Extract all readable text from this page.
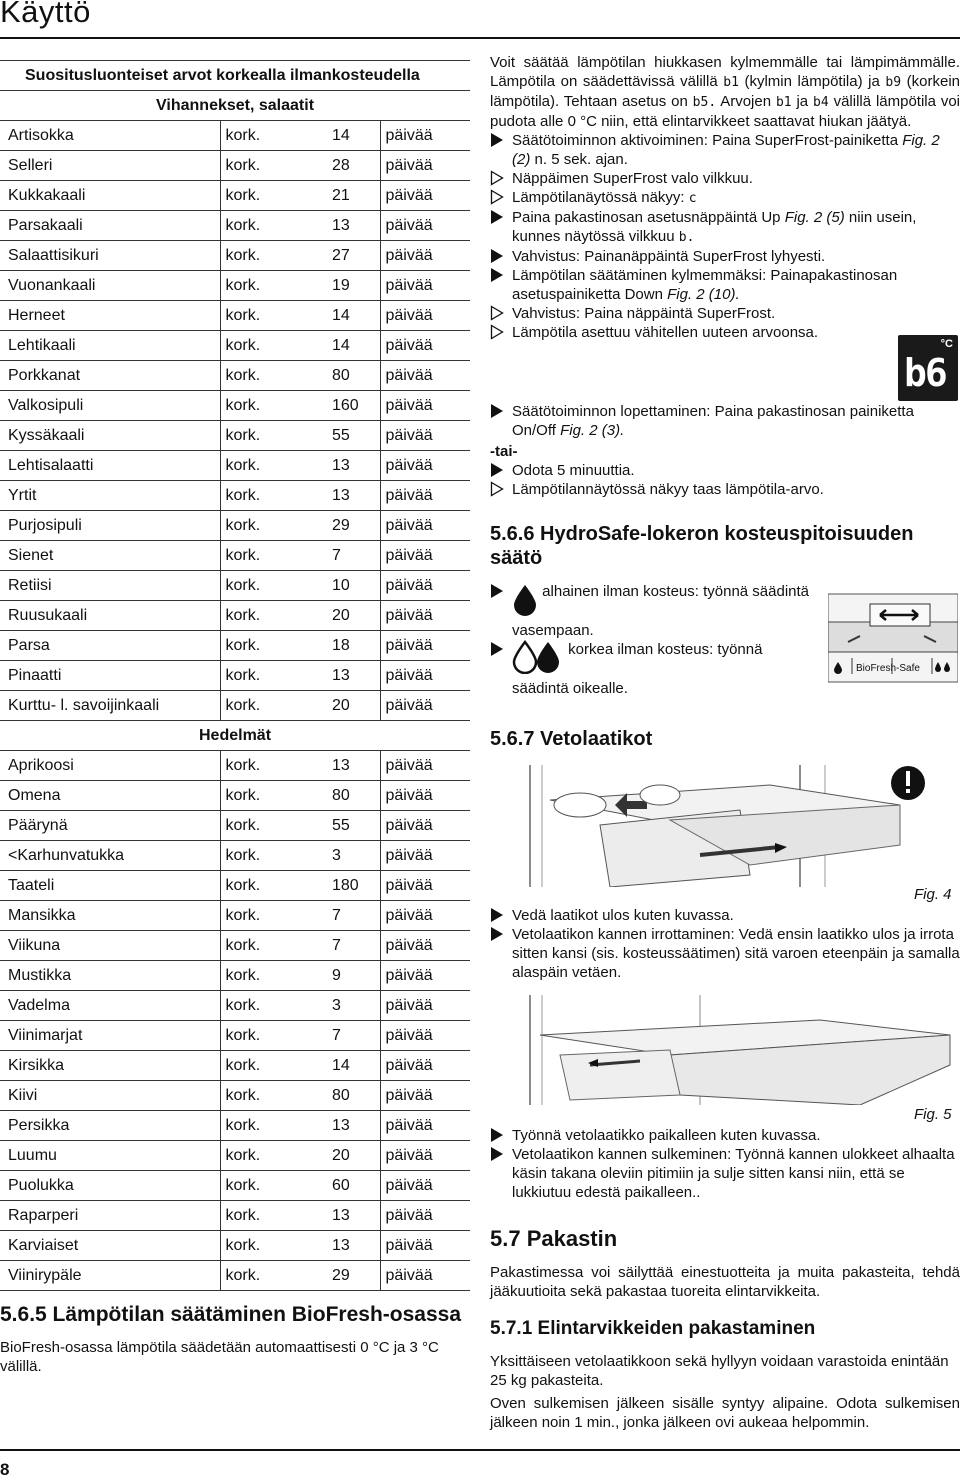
Käyttö
Suositusluonteiset arvot korkealla ilmankosteudella			
Vihannekset, salaatit			
Artisokka	kork.	14	päivää
Selleri	kork.	28	päivää
Kukkakaali	kork.	21	päivää
Parsakaali	kork.	13	päivää
Salaattisikuri	kork.	27	päivää
Vuonankaali	kork.	19	päivää
Herneet	kork.	14	päivää
Lehtikaali	kork.	14	päivää
Porkkanat	kork.	80	päivää
Valkosipuli	kork.	160	päivää
Kyssäkaali	kork.	55	päivää
Lehtisalaatti	kork.	13	päivää
Yrtit	kork.	13	päivää
Purjosipuli	kork.	29	päivää
Sienet	kork.	7	päivää
Retiisi	kork.	10	päivää
Ruusukaali	kork.	20	päivää
Parsa	kork.	18	päivää
Pinaatti	kork.	13	päivää
Kurttu- l. savoijinkaali	kork.	20	päivää
Hedelmät			
Aprikoosi	kork.	13	päivää
Omena	kork.	80	päivää
Päärynä	kork.	55	päivää
<Karhunvatukka	kork.	3	päivää
Taateli	kork.	180	päivää
Mansikka	kork.	7	päivää
Viikuna	kork.	7	päivää
Mustikka	kork.	9	päivää
Vadelma	kork.	3	päivää
Viinimarjat	kork.	7	päivää
Kirsikka	kork.	14	päivää
Kiivi	kork.	80	päivää
Persikka	kork.	13	päivää
Luumu	kork.	20	päivää
Puolukka	kork.	60	päivää
Raparperi	kork.	13	päivää
Karviaiset	kork.	13	päivää
Viinirypäle	kork.	29	päivää
5.6.5 Lämpötilan säätäminen BioFresh-osassa
BioFresh-osassa lämpötila säädetään automaattisesti 0 °C ja 3 °C välillä.

Voit säätää lämpötilan hiukkasen kylmemmälle tai lämpimämmälle. Lämpötila on säädettävissä välillä b1 (kylmin lämpötila) ja b9 (korkein lämpötila). Tehtaan asetus on b5. Arvojen b1 ja b4 välillä lämpötila voi pudota alle 0 °C niin, että elintarvikkeet saattavat hiukan jäätyä.

Säätötoiminnon aktivoiminen: Paina SuperFrost-painiketta Fig. 2 (2) n. 5 sek. ajan.

Näppäimen SuperFrost valo vilkkuu.

Lämpötilanäytössä näkyy: c

Paina pakastinosan asetusnäppäintä Up Fig. 2 (5) niin usein, kunnes näytössä vilkkuu b.

Vahvistus: Painanäppäintä SuperFrost lyhyesti.

Lämpötilan säätäminen kylmemmäksi: Painapakastinosan asetuspainiketta Down Fig. 2 (10).

Vahvistus: Paina näppäintä SuperFrost.

Lämpötila asettuu vähitellen uuteen arvoonsa.

°C
b6

Säätötoiminnon lopettaminen: Paina pakastinosan painiketta On/Off Fig. 2 (3).

-tai-

Odota 5 minuuttia.

Lämpötilannäytössä näkyy taas lämpötila-arvo.

5.6.6 HydroSafe-lokeron kosteuspitoisuuden säätö
alhainen ilman kosteus: työnnä säädintä vasempaan.
korkea ilman kosteus: työnnä säädintä oikealle.
BioFresh-Safe
5.6.7 Vetolaatikot
Fig. 4

Vedä laatikot ulos kuten kuvassa.

Vetolaatikon kannen irrottaminen: Vedä ensin laatikko ulos ja irrota sitten kansi (sis. kosteussäätimen) sitä varoen eteenpäin ja samalla alaspäin vetäen.

Fig. 5

Työnnä vetolaatikko paikalleen kuten kuvassa.

Vetolaatikon kannen sulkeminen: Työnnä kannen ulokkeet alhaalta käsin takana oleviin pitimiin ja sulje sitten kansi niin, että se lukkiutuu edestä paikalleen..

5.7 Pakastin
Pakastimessa voi säilyttää einestuotteita ja muita pakasteita, tehdä jääkuutioita sekä pakastaa tuoreita elintarvikkeita.
5.7.1 Elintarvikkeiden pakastaminen
Yksittäiseen vetolaatikkoon sekä hyllyyn voidaan varastoida enintään 25 kg pakasteita.
Oven sulkemisen jälkeen sisälle syntyy alipaine. Odota sulkemisen jälkeen noin 1 min., jonka jälkeen ovi aukeaa helpommin.
8
